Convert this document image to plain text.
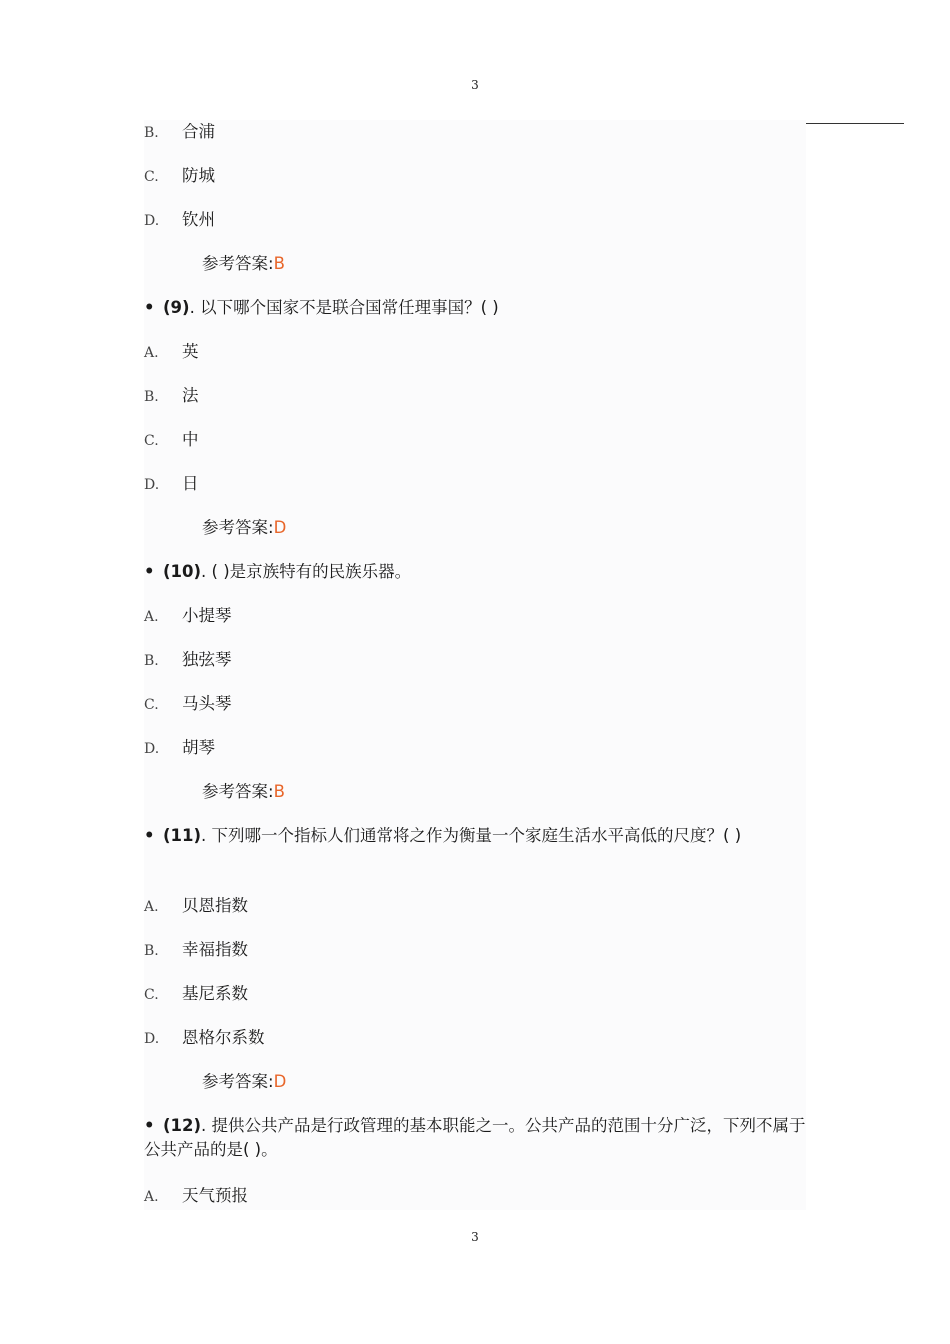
3
B. 合浦
C. 防城
D. 钦州
参考答案:B
• (9). 以下哪个国家不是联合国常任理事国？( )
A. 英
B. 法
C. 中
D. 日
参考答案:D
• (10). ( )是京族特有的民族乐器。
A. 小提琴
B. 独弦琴
C. 马头琴
D. 胡琴
参考答案:B
• (11). 下列哪一个指标人们通常将之作为衡量一个家庭生活水平高低的尺度？( )
A. 贝恩指数
B. 幸福指数
C. 基尼系数
D. 恩格尔系数
参考答案:D
• (12). 提供公共产品是行政管理的基本职能之一。公共产品的范围十分广泛，下列不属于公共产品的是( )。
A. 天气预报
3
